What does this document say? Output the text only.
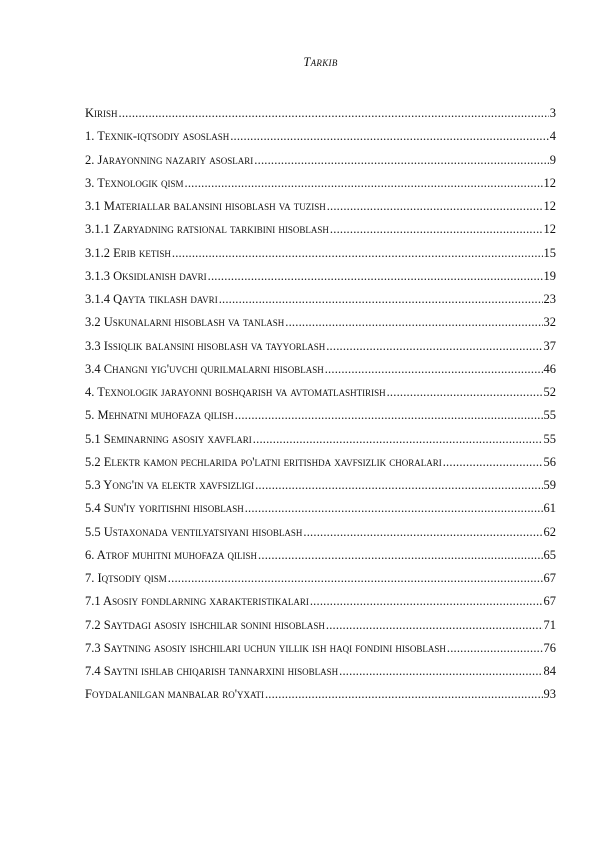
Tarkib
Kirish .....	3
1. Texnik-iqtsodiy asoslash .....	4
2. Jarayonning nazariy asoslari .....	9
3. Texnologik qism .....	12
3.1 Materiallar balansini hisoblash va tuzish .....	12
3.1.1 Zaryadning ratsional tarkibini hisoblash .....	12
3.1.2 Erib ketish .....	15
3.1.3 Oksidlanish davri .....	19
3.1.4 Qayta tiklash davri .....	23
3.2 Uskunalarni hisoblash va tanlash .....	32
3.3 Issiqlik balansini hisoblash va tayyorlash .....	37
3.4 Changni yig'uvchi qurilmalarni hisoblash .....	46
4. Texnologik jarayonni boshqarish va avtomatlashtirish .....	52
5. Mehnatni muhofaza qilish .....	55
5.1 Seminarning asosiy xavflari .....	55
5.2 Elektr kamon pechlarida po'latni eritishda xavfsizlik choralari .....	56
5.3 Yong'in va elektr xavfsizligi .....	59
5.4 Sun'iy yoritishni hisoblash .....	61
5.5 Ustaxonada ventilyatsiyani hisoblash .....	62
6. Atrof muhitni muhofaza qilish .....	65
7. Iqtsodiy qism .....	67
7.1 Asosiy fondlarning xarakteristikalari .....	67
7.2 Saytdagi asosiy ishchilar sonini hisoblash .....	71
7.3 Saytning asosiy ishchilari uchun yillik ish haqi fondini hisoblash .....	76
7.4 Saytni ishlab chiqarish tannarxini hisoblash .....	84
Foydalanilgan manbalar ro'yxati .....	93
